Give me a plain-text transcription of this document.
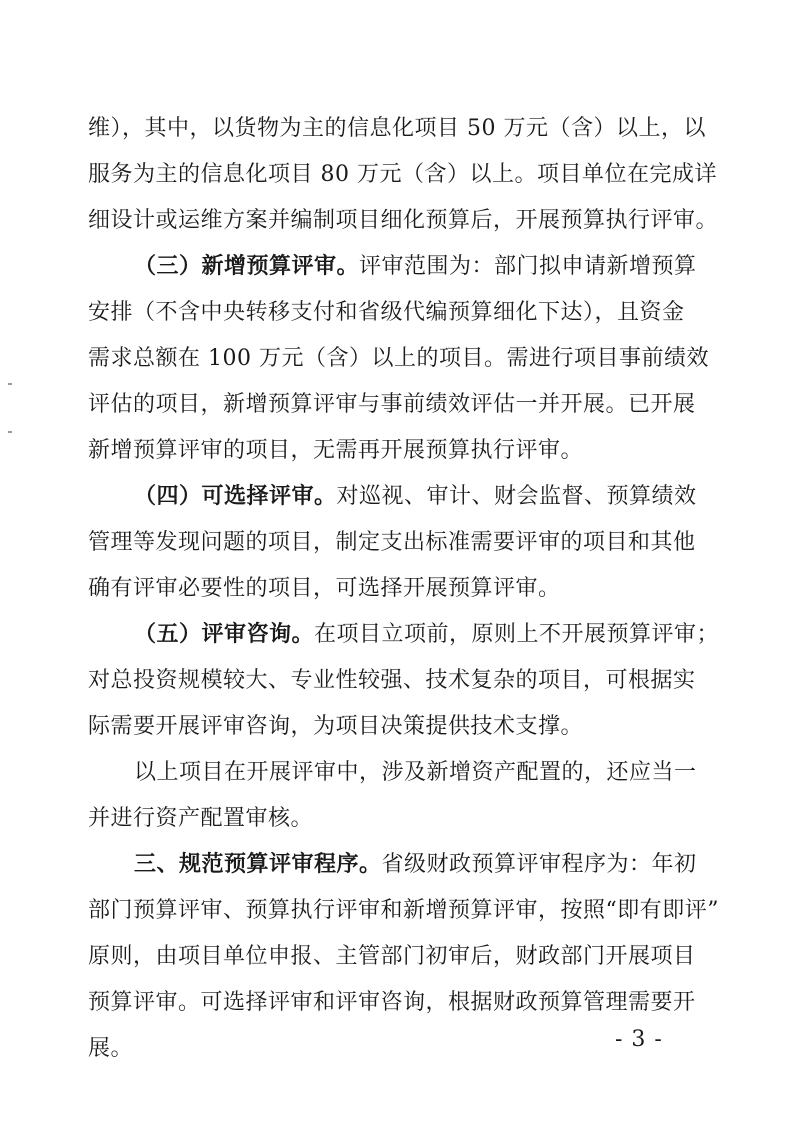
维），其中，以货物为主的信息化项目 50 万元（含）以上，以
服务为主的信息化项目 80 万元（含）以上。项目单位在完成详
细设计或运维方案并编制项目细化预算后，开展预算执行评审。
（三）新增预算评审。评审范围为：部门拟申请新增预算
安排（不含中央转移支付和省级代编预算细化下达），且资金
需求总额在 100 万元（含）以上的项目。需进行项目事前绩效
评估的项目，新增预算评审与事前绩效评估一并开展。已开展
新增预算评审的项目，无需再开展预算执行评审。
（四）可选择评审。对巡视、审计、财会监督、预算绩效
管理等发现问题的项目，制定支出标准需要评审的项目和其他
确有评审必要性的项目，可选择开展预算评审。
（五）评审咨询。在项目立项前，原则上不开展预算评审；
对总投资规模较大、专业性较强、技术复杂的项目，可根据实
际需要开展评审咨询，为项目决策提供技术支撑。
以上项目在开展评审中，涉及新增资产配置的，还应当一
并进行资产配置审核。
三、规范预算评审程序。省级财政预算评审程序为：年初
部门预算评审、预算执行评审和新增预算评审，按照“即有即评”
原则，由项目单位申报、主管部门初审后，财政部门开展项目
预算评审。可选择评审和评审咨询，根据财政预算管理需要开
展。	- 3 -
